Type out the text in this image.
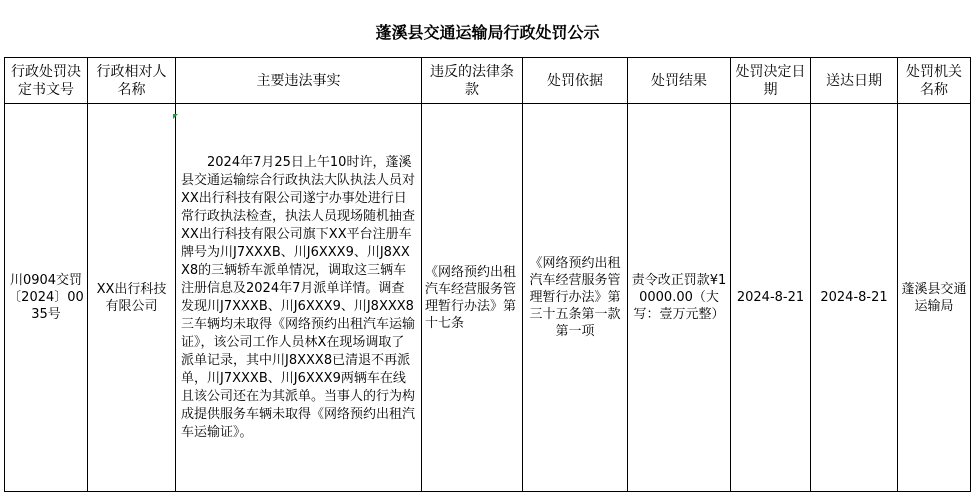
蓬溪县交通运输局行政处罚公示								
行政处罚决定书文号	行政相对人名称	主要违法事实	违反的法律条款	处罚依据	处罚结果	处罚决定日期	送达日期	处罚机关名称
川0904交罚〔2024〕0035号	XX出行科技有限公司	2024年7月25日上午10时许，蓬溪县交通运输综合行政执法大队执法人员对XX出行科技有限公司遂宁办事处进行日常行政执法检查，执法人员现场随机抽查XX出行科技有限公司旗下XX平台注册车牌号为川J7XXXB、川J6XXX9、川J8XXX8的三辆轿车派单情况，调取这三辆车注册信息及2024年7月派单详情。调查发现川J7XXXB、川J6XXX9、川J8XXX8三车辆均未取得《网络预约出租汽车运输证》，该公司工作人员林X在现场调取了派单记录，其中川J8XXX8已清退不再派单，川J7XXXB、川J6XXX9两辆车在线且该公司还在为其派单。当事人的行为构成提供服务车辆未取得《网络预约出租汽车运输证》。	《网络预约出租汽车经营服务管理暂行办法》第十七条	《网络预约出租汽车经营服务管理暂行办法》第三十五条第一款第一项	责令改正罚款¥10000.00（大写：壹万元整）	2024-8-21	2024-8-21	蓬溪县交通运输局
